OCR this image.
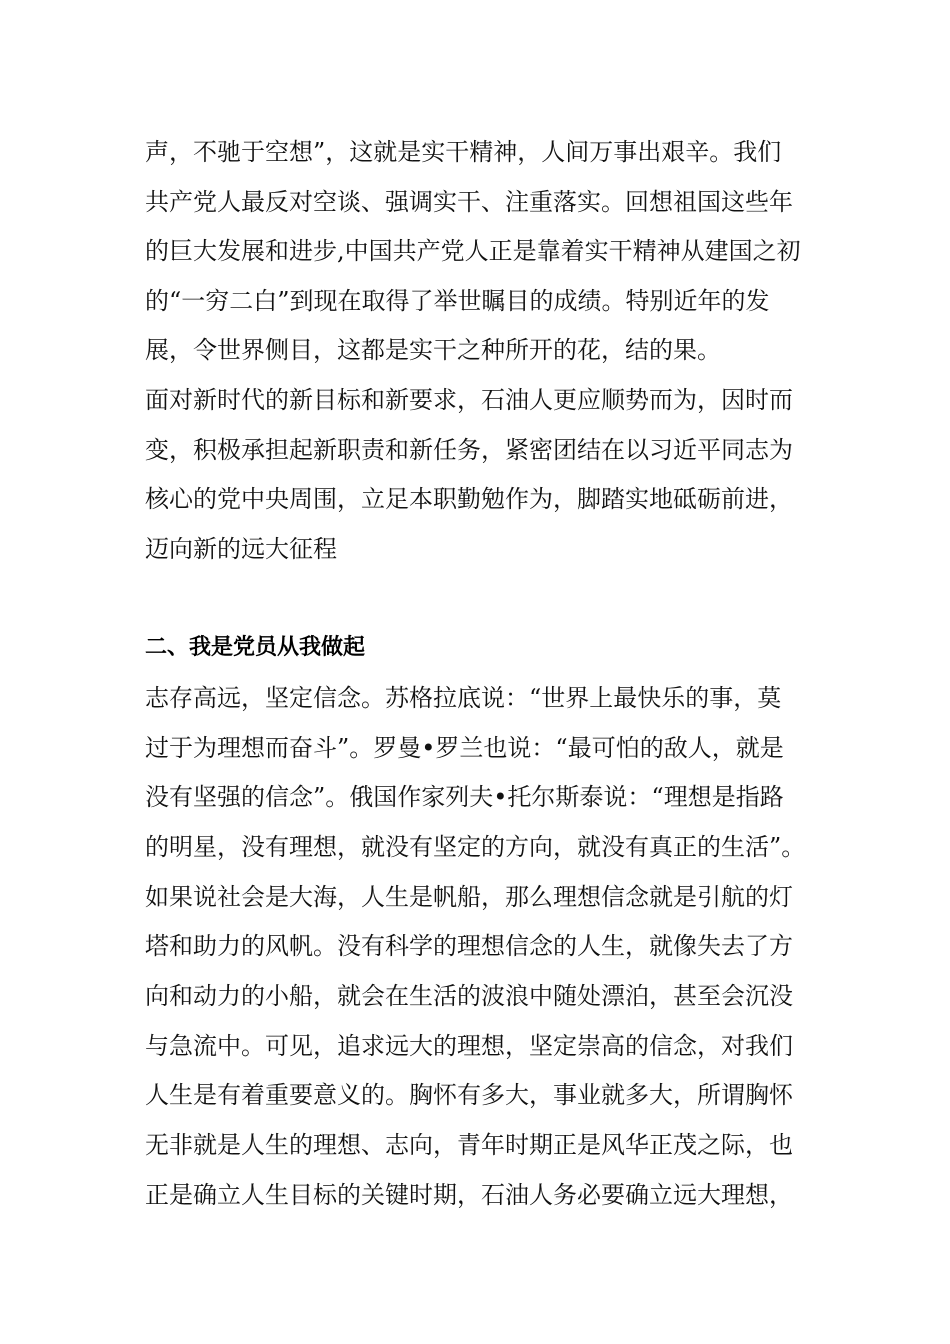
声，不驰于空想”，这就是实干精神，人间万事出艰辛。我们
共产党人最反对空谈、强调实干、注重落实。回想祖国这些年
的巨大发展和进步,中国共产党人正是靠着实干精神从建国之初
的“一穷二白”到现在取得了举世瞩目的成绩。特别近年的发
展，令世界侧目，这都是实干之种所开的花，结的果。
面对新时代的新目标和新要求，石油人更应顺势而为，因时而
变，积极承担起新职责和新任务，紧密团结在以习近平同志为
核心的党中央周围，立足本职勤勉作为，脚踏实地砥砺前进，
迈向新的远大征程
二、我是党员从我做起
志存高远，坚定信念。苏格拉底说：“世界上最快乐的事，莫
过于为理想而奋斗”。罗曼•罗兰也说：“最可怕的敌人，就是
没有坚强的信念”。俄国作家列夫•托尔斯泰说：“理想是指路
的明星，没有理想，就没有坚定的方向，就没有真正的生活”。
如果说社会是大海，人生是帆船，那么理想信念就是引航的灯
塔和助力的风帆。没有科学的理想信念的人生，就像失去了方
向和动力的小船，就会在生活的波浪中随处漂泊，甚至会沉没
与急流中。可见，追求远大的理想，坚定崇高的信念，对我们
人生是有着重要意义的。胸怀有多大，事业就多大，所谓胸怀
无非就是人生的理想、志向，青年时期正是风华正茂之际，也
正是确立人生目标的关键时期，石油人务必要确立远大理想，
